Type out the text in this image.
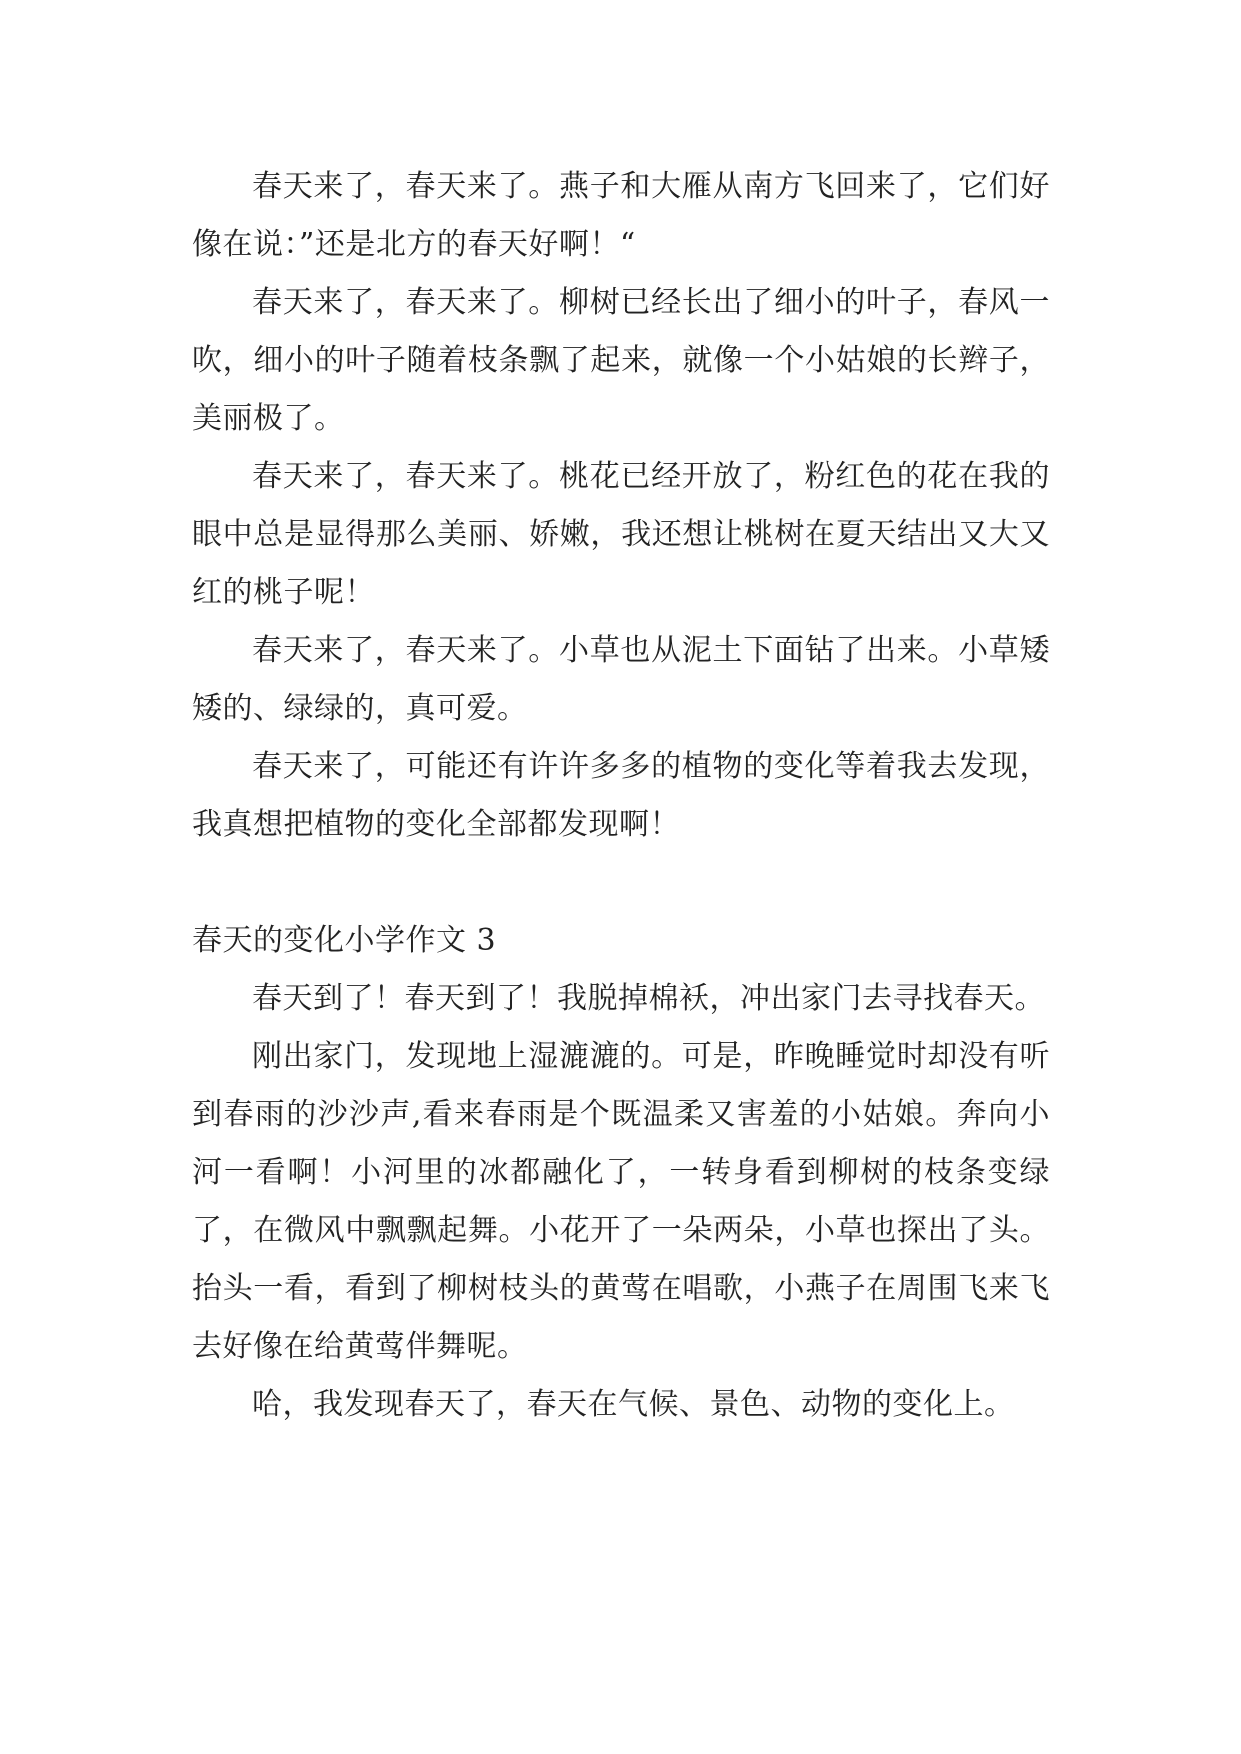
春天来了，春天来了。燕子和大雁从南方飞回来了，它们好像在说：”还是北方的春天好啊！“

春天来了，春天来了。柳树已经长出了细小的叶子，春风一吹，细小的叶子随着枝条飘了起来，就像一个小姑娘的长辫子，美丽极了。

春天来了，春天来了。桃花已经开放了，粉红色的花在我的眼中总是显得那么美丽、娇嫩，我还想让桃树在夏天结出又大又红的桃子呢！

春天来了，春天来了。小草也从泥土下面钻了出来。小草矮矮的、绿绿的，真可爱。

春天来了，可能还有许许多多的植物的变化等着我去发现，我真想把植物的变化全部都发现啊！

春天的变化小学作文 3

春天到了！春天到了！我脱掉棉袄，冲出家门去寻找春天。

刚出家门，发现地上湿漉漉的。可是，昨晚睡觉时却没有听到春雨的沙沙声,看来春雨是个既温柔又害羞的小姑娘。奔向小河一看啊！小河里的冰都融化了，一转身看到柳树的枝条变绿了，在微风中飘飘起舞。小花开了一朵两朵，小草也探出了头。抬头一看，看到了柳树枝头的黄莺在唱歌，小燕子在周围飞来飞去好像在给黄莺伴舞呢。

哈，我发现春天了，春天在气候、景色、动物的变化上。
